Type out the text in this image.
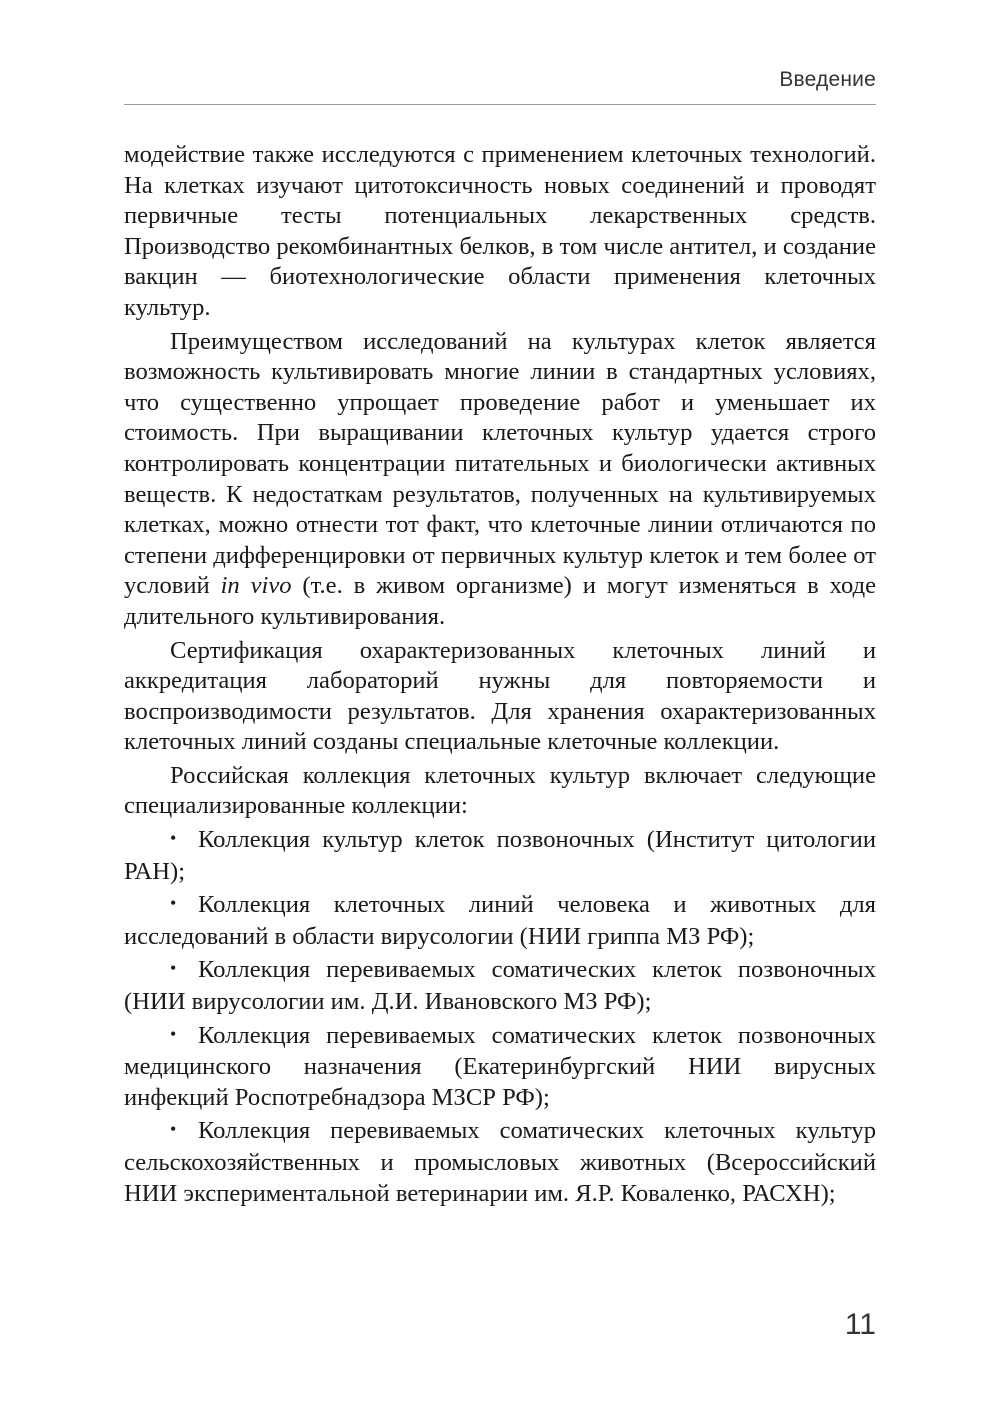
Введение

модействие также исследуются с применением клеточных технологий. На клетках изучают цитотоксичность новых соединений и проводят первичные тесты потенциальных лекарственных средств. Производство рекомбинантных белков, в том числе антител, и создание вакцин — биотехнологические области применения клеточных культур.

Преимуществом исследований на культурах клеток является возможность культивировать многие линии в стандартных условиях, что существенно упрощает проведение работ и уменьшает их стоимость. При выращивании клеточных культур удается строго контролировать концентрации питательных и биологически активных веществ. К недостаткам результатов, полученных на культивируемых клетках, можно отнести тот факт, что клеточные линии отличаются по степени дифференцировки от первичных культур клеток и тем более от условий in vivo (т.е. в живом организме) и могут изменяться в ходе длительного культивирования.

Сертификация охарактеризованных клеточных линий и аккредитация лабораторий нужны для повторяемости и воспроизводимости результатов. Для хранения охарактеризованных клеточных линий созданы специальные клеточные коллекции.

Российская коллекция клеточных культур включает следующие специализированные коллекции:

•Коллекция культур клеток позвоночных (Институт цитологии РАН);
•Коллекция клеточных линий человека и животных для исследований в области вирусологии (НИИ гриппа МЗ РФ);
•Коллекция перевиваемых соматических клеток позвоночных (НИИ вирусологии им. Д.И. Ивановского МЗ РФ);
•Коллекция перевиваемых соматических клеток позвоночных медицинского назначения (Екатеринбургский НИИ вирусных инфекций Роспотребнадзора МЗСР РФ);
•Коллекция перевиваемых соматических клеточных культур сельскохозяйственных и промысловых животных (Всероссийский НИИ экспериментальной ветеринарии им. Я.Р. Коваленко, РАСХН);
11
